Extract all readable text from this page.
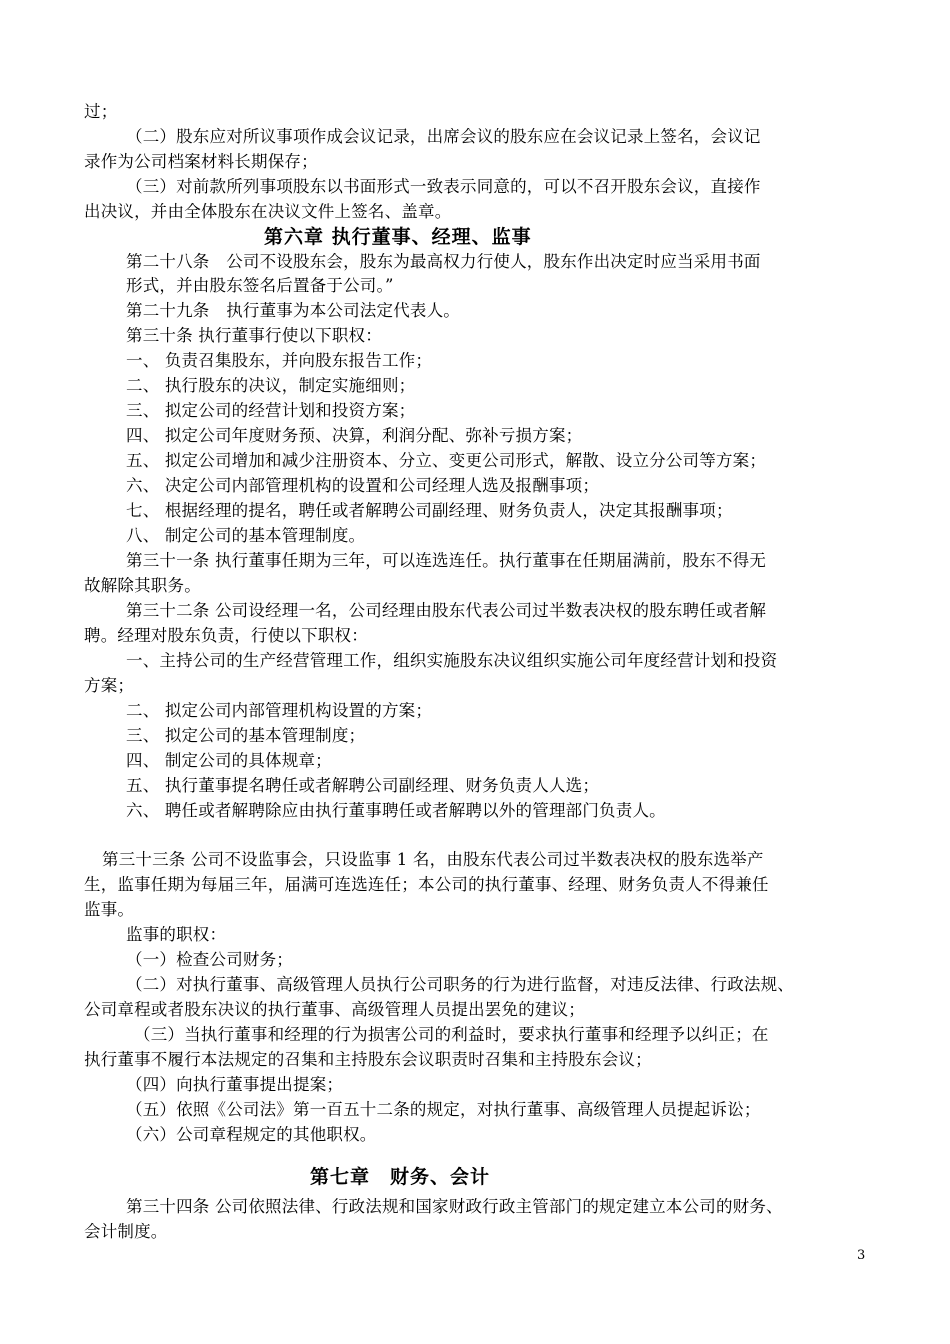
过；
（二）股东应对所议事项作成会议记录，出席会议的股东应在会议记录上签名，会议记
录作为公司档案材料长期保存；
（三）对前款所列事项股东以书面形式一致表示同意的，可以不召开股东会议，直接作
出决议，并由全体股东在决议文件上签名、盖章。
第六章 执行董事、经理、监事
第二十八条　公司不设股东会，股东为最高权力行使人，股东作出决定时应当采用书面
形式，并由股东签名后置备于公司。”
第二十九条　执行董事为本公司法定代表人。
第三十条 执行董事行使以下职权：
一、 负责召集股东，并向股东报告工作；
二、 执行股东的决议，制定实施细则；
三、 拟定公司的经营计划和投资方案；
四、 拟定公司年度财务预、决算，利润分配、弥补亏损方案；
五、 拟定公司增加和减少注册资本、分立、变更公司形式，解散、设立分公司等方案；
六、 决定公司内部管理机构的设置和公司经理人选及报酬事项；
七、 根据经理的提名，聘任或者解聘公司副经理、财务负责人，决定其报酬事项；
八、 制定公司的基本管理制度。
第三十一条 执行董事任期为三年，可以连选连任。执行董事在任期届满前，股东不得无
故解除其职务。
第三十二条 公司设经理一名，公司经理由股东代表公司过半数表决权的股东聘任或者解
聘。经理对股东负责，行使以下职权：
一、主持公司的生产经营管理工作，组织实施股东决议组织实施公司年度经营计划和投资
方案；
二、 拟定公司内部管理机构设置的方案；
三、 拟定公司的基本管理制度；
四、 制定公司的具体规章；
五、 执行董事提名聘任或者解聘公司副经理、财务负责人人选；
六、 聘任或者解聘除应由执行董事聘任或者解聘以外的管理部门负责人。
第三十三条 公司不设监事会，只设监事 1 名，由股东代表公司过半数表决权的股东选举产
生，监事任期为每届三年，届满可连选连任；本公司的执行董事、经理、财务负责人不得兼任
监事。
监事的职权：
（一）检查公司财务；
（二）对执行董事、高级管理人员执行公司职务的行为进行监督，对违反法律、行政法规、
公司章程或者股东决议的执行董事、高级管理人员提出罢免的建议；
（三）当执行董事和经理的行为损害公司的利益时，要求执行董事和经理予以纠正；在
执行董事不履行本法规定的召集和主持股东会议职责时召集和主持股东会议；
（四）向执行董事提出提案；
（五）依照《公司法》第一百五十二条的规定，对执行董事、高级管理人员提起诉讼；
（六）公司章程规定的其他职权。
第七章　财务、会计
第三十四条 公司依照法律、行政法规和国家财政行政主管部门的规定建立本公司的财务、
会计制度。
3
